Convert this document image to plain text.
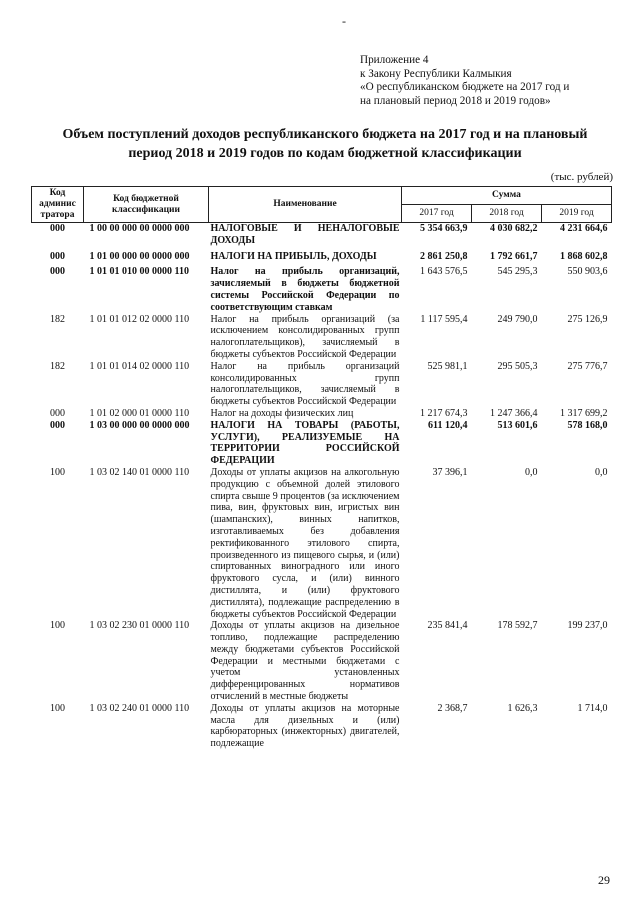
-
Приложение 4
к Закону Республики Калмыкия
«О республиканском бюджете на 2017 год и
на плановый период 2018 и 2019 годов»
Объем поступлений доходов республиканского бюджета на 2017 год и на плановый
период 2018 и 2019 годов по кодам бюджетной классификации
(тыс. рублей)
Код админис тратора	Код бюджетной классификации	Наименование	Сумма		
			2017 год	2018 год	2019 год
000	1 00 00 000 00 0000 000	НАЛОГОВЫЕ И НЕНАЛОГОВЫЕ ДОХОДЫ	5 354 663,9	4 030 682,2	4 231 664,6
000	1 01 00 000 00 0000 000	НАЛОГИ НА ПРИБЫЛЬ, ДОХОДЫ	2 861 250,8	1 792 661,7	1 868 602,8
000	1 01 01 010 00 0000 110	Налог на прибыль организаций, зачисляемый в бюджеты бюджетной системы Российской Федерации по соответствующим ставкам	1 643 576,5	545 295,3	550 903,6
182	1 01 01 012 02 0000 110	Налог на прибыль организаций (за исключением консолидированных групп налогоплательщиков), зачисляемый в бюджеты субъектов Российской Федерации	1 117 595,4	249 790,0	275 126,9
182	1 01 01 014 02 0000 110	Налог на прибыль организаций консолидированных групп налогоплательщиков, зачисляемый в бюджеты субъектов Российской Федерации	525 981,1	295 505,3	275 776,7
000	1 01 02 000 01 0000 110	Налог на доходы физических лиц	1 217 674,3	1 247 366,4	1 317 699,2
000	1 03 00 000 00 0000 000	НАЛОГИ НА ТОВАРЫ (РАБОТЫ, УСЛУГИ), РЕАЛИЗУЕМЫЕ НА ТЕРРИТОРИИ РОССИЙСКОЙ ФЕДЕРАЦИИ	611 120,4	513 601,6	578 168,0
100	1 03 02 140 01 0000 110	Доходы от уплаты акцизов на алкогольную продукцию с объемной долей этилового спирта свыше 9 процентов (за исключением пива, вин, фруктовых вин, игристых вин (шампанских), винных напитков, изготавливаемых без добавления ректификованного этилового спирта, произведенного из пищевого сырья, и (или) спиртованных виноградного или иного фруктового сусла, и (или) винного дистиллята, и (или) фруктового дистиллята), подлежащие распределению в бюджеты субъектов Российской Федерации	37 396,1	0,0	0,0
100	1 03 02 230 01 0000 110	Доходы от уплаты акцизов на дизельное топливо, подлежащие распределению между бюджетами субъектов Российской Федерации и местными бюджетами с учетом установленных дифференцированных нормативов отчислений в местные бюджеты	235 841,4	178 592,7	199 237,0
100	1 03 02 240 01 0000 110	Доходы от уплаты акцизов на моторные масла для дизельных и (или) карбюраторных (инжекторных) двигателей, подлежащие	2 368,7	1 626,3	1 714,0
29
